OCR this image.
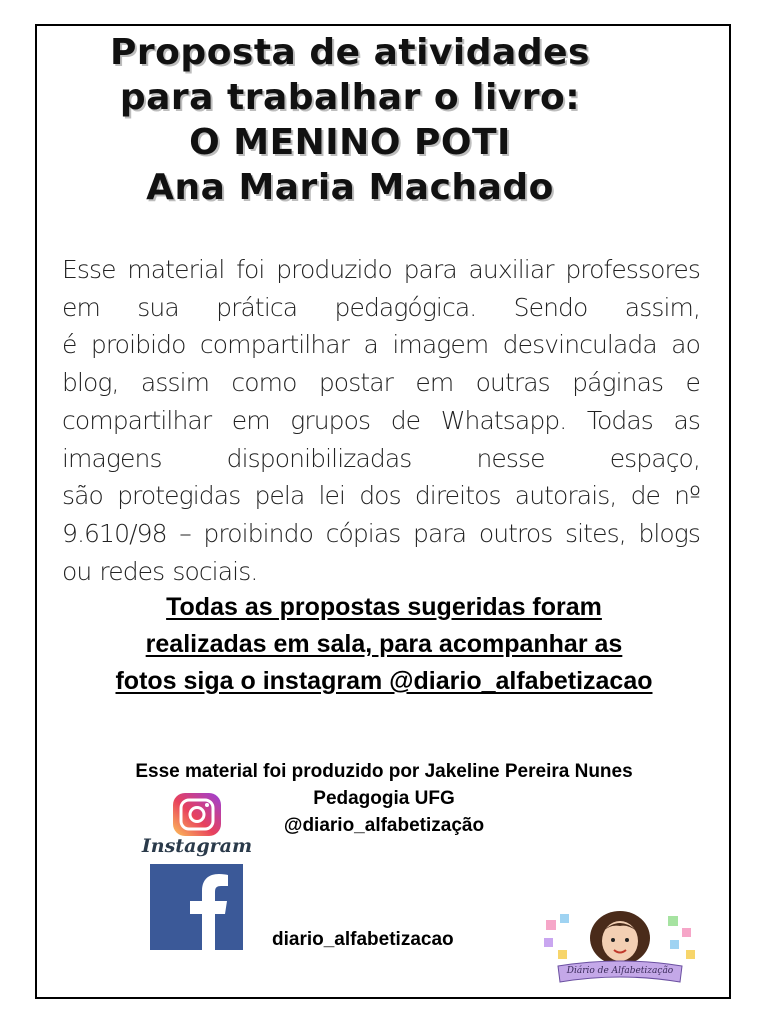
Proposta de atividades
para trabalhar o livro:
O MENINO POTI
Ana Maria Machado
Esse material foi produzido para auxiliar professores
em sua prática pedagógica. Sendo assim,
é proibido compartilhar a imagem desvinculada ao
blog, assim como postar em outras páginas e
compartilhar em grupos de Whatsapp. Todas as
imagens disponibilizadas nesse espaço,
são protegidas pela lei dos direitos autorais, de nº
9.610/98 – proibindo cópias para outros sites, blogs
ou redes sociais.
Todas as propostas sugeridas foram
realizadas em sala, para acompanhar as
fotos siga o instagram @diario_alfabetizacao
Esse material foi produzido por Jakeline Pereira Nunes
Pedagogia UFG
@diario_alfabetização
Instagram
diario_alfabetizacao
Diário de Alfabetização
